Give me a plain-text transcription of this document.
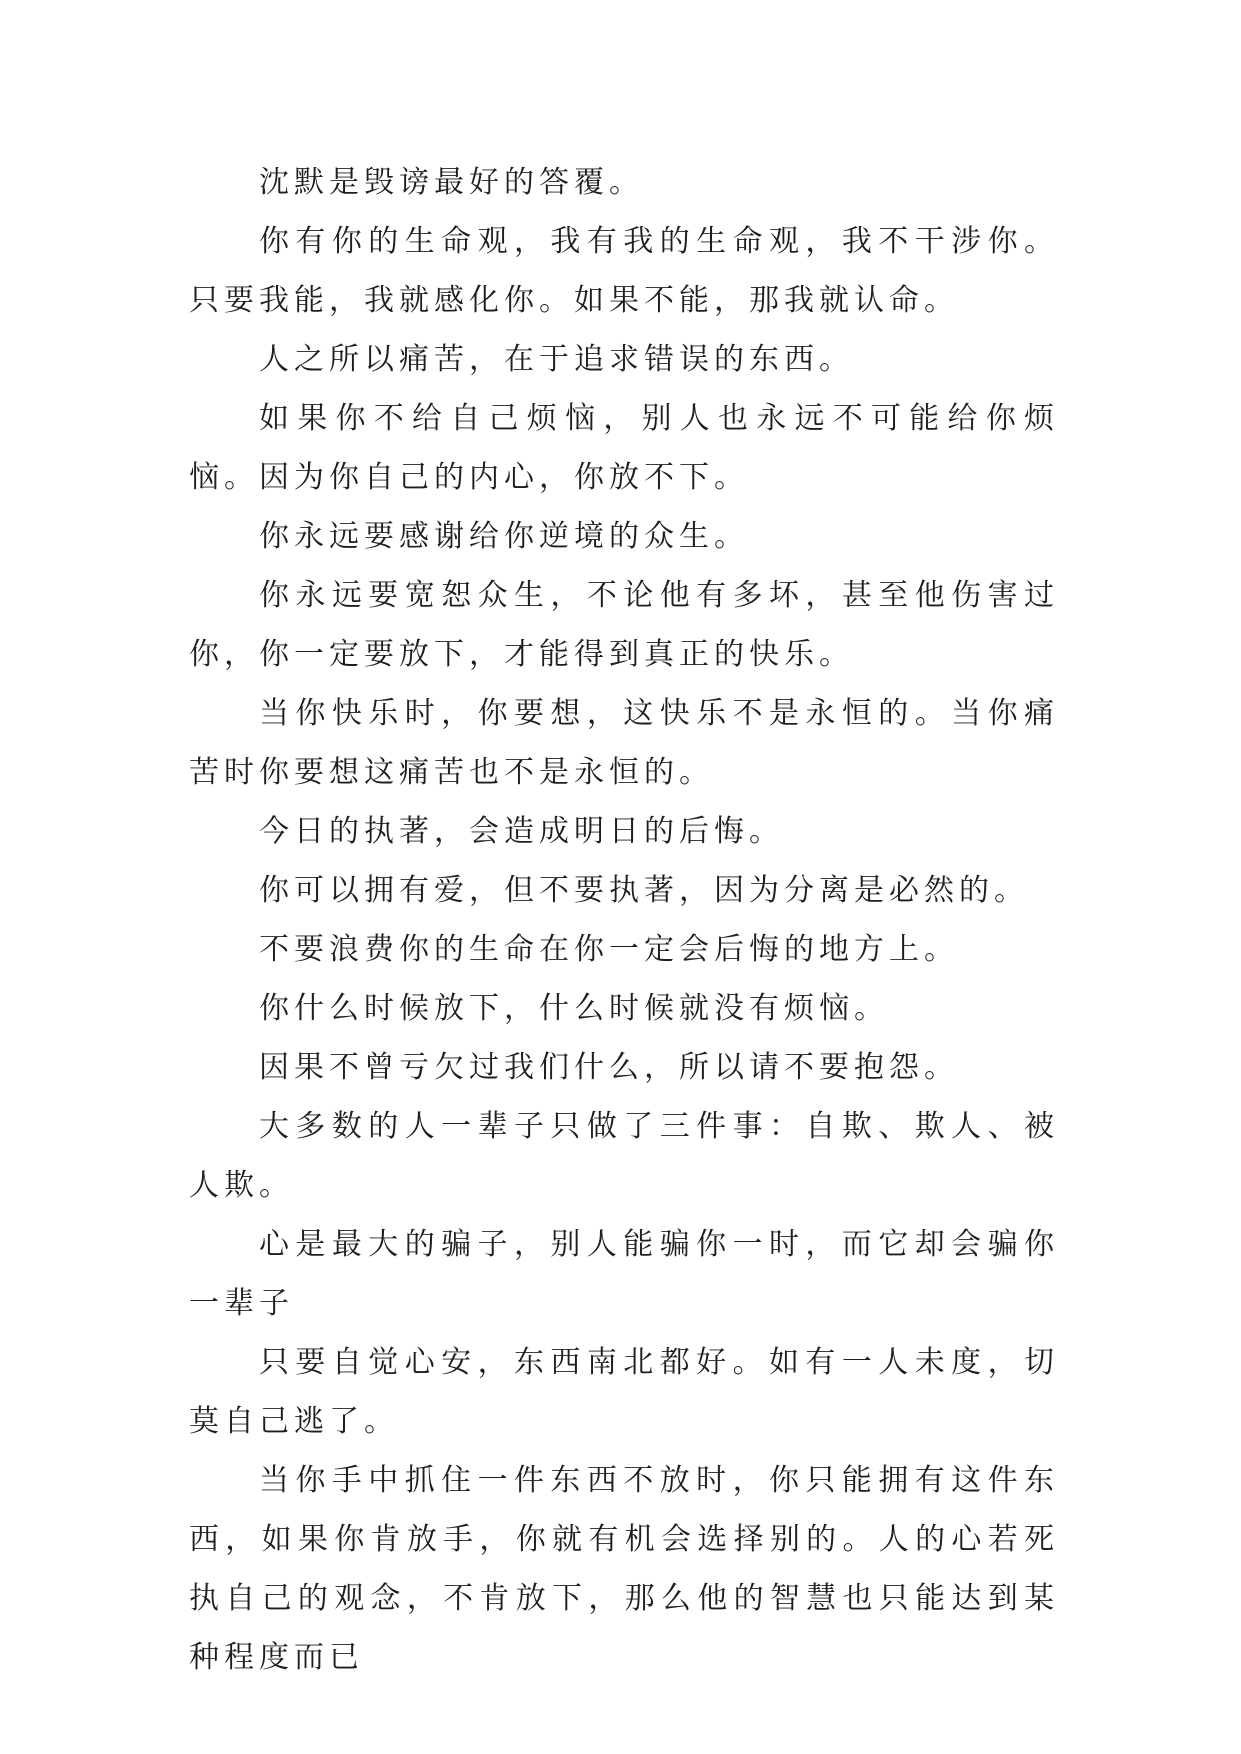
沈默是毁谤最好的答覆。

你有你的生命观，我有我的生命观，我不干涉你。只要我能，我就感化你。如果不能，那我就认命。

人之所以痛苦，在于追求错误的东西。

如果你不给自己烦恼，别人也永远不可能给你烦恼。因为你自己的内心，你放不下。

你永远要感谢给你逆境的众生。

你永远要宽恕众生，不论他有多坏，甚至他伤害过你，你一定要放下，才能得到真正的快乐。

当你快乐时，你要想，这快乐不是永恒的。当你痛苦时你要想这痛苦也不是永恒的。

今日的执著，会造成明日的后悔。

你可以拥有爱，但不要执著，因为分离是必然的。

不要浪费你的生命在你一定会后悔的地方上。

你什么时候放下，什么时候就没有烦恼。

因果不曾亏欠过我们什么，所以请不要抱怨。

大多数的人一辈子只做了三件事：自欺、欺人、被人欺。

心是最大的骗子，别人能骗你一时，而它却会骗你一辈子

只要自觉心安，东西南北都好。如有一人未度，切莫自己逃了。

当你手中抓住一件东西不放时，你只能拥有这件东西，如果你肯放手，你就有机会选择别的。人的心若死执自己的观念，不肯放下，那么他的智慧也只能达到某种程度而已
